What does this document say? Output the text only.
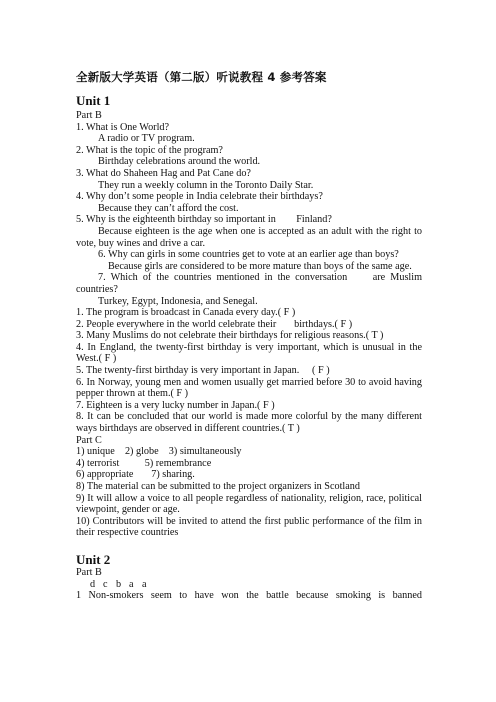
全新版大学英语（第二版）听说教程 4 参考答案
Unit 1
Part B
1. What is One World?
A radio or TV program.
2. What is the topic of the program?
Birthday celebrations around the world.
3. What do Shaheen Hag and Pat Cane do?
They run a weekly column in the Toronto Daily Star.
4. Why don’t some people in India celebrate their birthdays?
Because they can’t afford the cost.
5. Why is the eighteenth birthday so important in        Finland?
Because eighteen is the age when one is accepted as an adult with the right to vote, buy wines and drive a car.
6. Why can girls in some countries get to vote at an earlier age than boys?
Because girls are considered to be more mature than boys of the same age.
7. Which of the countries mentioned in the conversation     are Muslim countries?
Turkey, Egypt, Indonesia, and Senegal.
1. The program is broadcast in Canada every day.( F )
2. People everywhere in the world celebrate their       birthdays.( F )
3. Many Muslims do not celebrate their birthdays for religious reasons.( T )
4. In England, the twenty-first birthday is very important, which is unusual in the West.( F )
5. The twenty-first birthday is very important in Japan.     ( F )
6. In Norway, young men and women usually get married before 30 to avoid having pepper thrown at them.( F )
7. Eighteen is a very lucky number in Japan.( F )
8. It can be concluded that our world is made more colorful by the many different ways birthdays are observed in different countries.( T )
Part C
1) unique    2) globe    3) simultaneously
4) terrorist          5) remembrance
6) appropriate       7) sharing.
8) The material can be submitted to the project organizers in Scotland
9) It will allow a voice to all people regardless of nationality, religion, race, political viewpoint, gender or age.
10) Contributors will be invited to attend the first public performance of the film in their respective countries
Unit 2
Part B
d c b a a
1 Non-smokers seem to have won the battle because smoking is banned
